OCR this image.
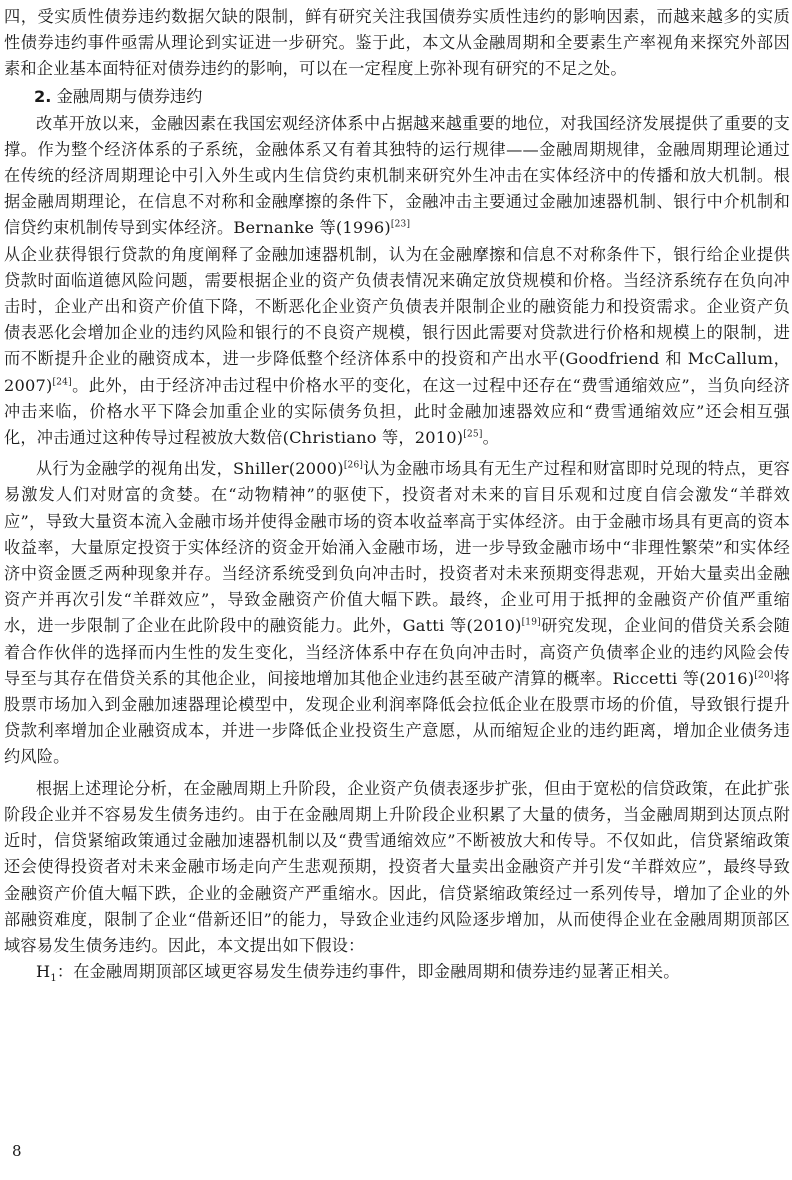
四，受实质性债券违约数据欠缺的限制，鲜有研究关注我国债券实质性违约的影响因素，而越来越多的实质性债券违约事件亟需从理论到实证进一步研究。鉴于此，本文从金融周期和全要素生产率视角来探究外部因素和企业基本面特征对债券违约的影响，可以在一定程度上弥补现有研究的不足之处。

2. 金融周期与债券违约

改革开放以来，金融因素在我国宏观经济体系中占据越来越重要的地位，对我国经济发展提供了重要的支撑。作为整个经济体系的子系统，金融体系又有着其独特的运行规律——金融周期规律，金融周期理论通过在传统的经济周期理论中引入外生或内生信贷约束机制来研究外生冲击在实体经济中的传播和放大机制。根据金融周期理论，在信息不对称和金融摩擦的条件下，金融冲击主要通过金融加速器机制、银行中介机制和信贷约束机制传导到实体经济。Bernanke 等(1996)[23]
从企业获得银行贷款的角度阐释了金融加速器机制，认为在金融摩擦和信息不对称条件下，银行给企业提供贷款时面临道德风险问题，需要根据企业的资产负债表情况来确定放贷规模和价格。当经济系统存在负向冲击时，企业产出和资产价值下降，不断恶化企业资产负债表并限制企业的融资能力和投资需求。企业资产负债表恶化会增加企业的违约风险和银行的不良资产规模，银行因此需要对贷款进行价格和规模上的限制，进而不断提升企业的融资成本，进一步降低整个经济体系中的投资和产出水平(Goodfriend 和 McCallum，2007)[24]。此外，由于经济冲击过程中价格水平的变化，在这一过程中还存在“费雪通缩效应”，当负向经济冲击来临，价格水平下降会加重企业的实际债务负担，此时金融加速器效应和“费雪通缩效应”还会相互强化，冲击通过这种传导过程被放大数倍(Christiano 等，2010)[25]。

从行为金融学的视角出发，Shiller(2000)[26]认为金融市场具有无生产过程和财富即时兑现的特点，更容易激发人们对财富的贪婪。在“动物精神”的驱使下，投资者对未来的盲目乐观和过度自信会激发“羊群效应”，导致大量资本流入金融市场并使得金融市场的资本收益率高于实体经济。由于金融市场具有更高的资本收益率，大量原定投资于实体经济的资金开始涌入金融市场，进一步导致金融市场中“非理性繁荣”和实体经济中资金匮乏两种现象并存。当经济系统受到负向冲击时，投资者对未来预期变得悲观，开始大量卖出金融资产并再次引发“羊群效应”，导致金融资产价值大幅下跌。最终，企业可用于抵押的金融资产价值严重缩水，进一步限制了企业在此阶段中的融资能力。此外，Gatti 等(2010)[19]研究发现，企业间的借贷关系会随着合作伙伴的选择而内生性的发生变化，当经济体系中存在负向冲击时，高资产负债率企业的违约风险会传导至与其存在借贷关系的其他企业，间接地增加其他企业违约甚至破产清算的概率。Riccetti 等(2016)[20]将股票市场加入到金融加速器理论模型中，发现企业利润率降低会拉低企业在股票市场的价值，导致银行提升贷款利率增加企业融资成本，并进一步降低企业投资生产意愿，从而缩短企业的违约距离，增加企业债务违约风险。

根据上述理论分析，在金融周期上升阶段，企业资产负债表逐步扩张，但由于宽松的信贷政策，在此扩张阶段企业并不容易发生债务违约。由于在金融周期上升阶段企业积累了大量的债务，当金融周期到达顶点附近时，信贷紧缩政策通过金融加速器机制以及“费雪通缩效应”不断被放大和传导。不仅如此，信贷紧缩政策还会使得投资者对未来金融市场走向产生悲观预期，投资者大量卖出金融资产并引发“羊群效应”，最终导致金融资产价值大幅下跌，企业的金融资产严重缩水。因此，信贷紧缩政策经过一系列传导，增加了企业的外部融资难度，限制了企业“借新还旧”的能力，导致企业违约风险逐步增加，从而使得企业在金融周期顶部区域容易发生债务违约。因此，本文提出如下假设：

$H_1$：在金融周期顶部区域更容易发生债券违约事件，即金融周期和债券违约显著正相关。

8
